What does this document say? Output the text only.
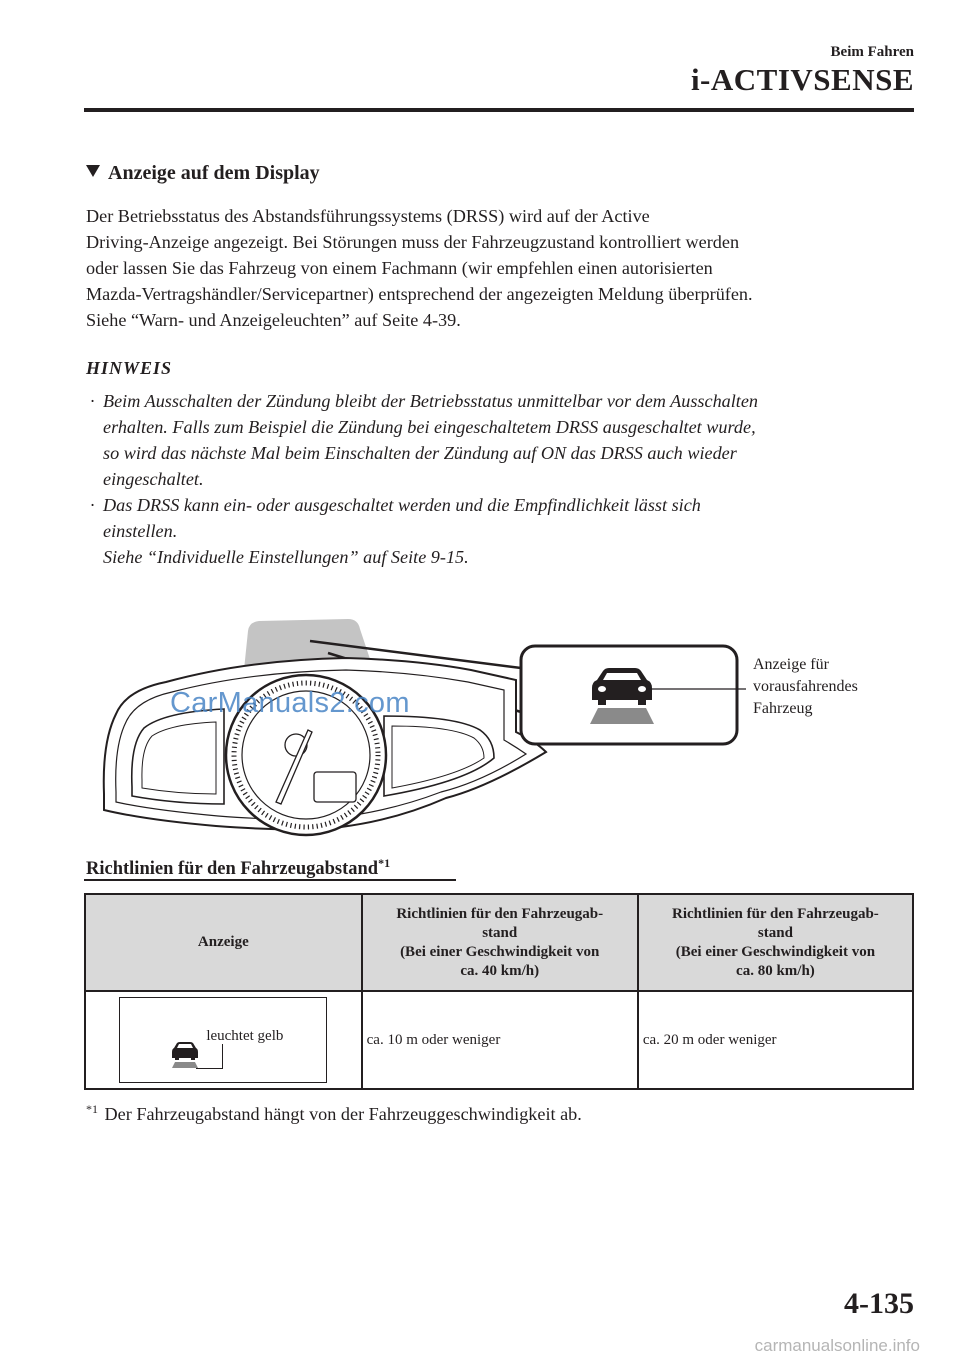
Beim Fahren
i-ACTIVSENSE
Anzeige auf dem Display
Der Betriebsstatus des Abstandsführungssystems (DRSS) wird auf der Active
Driving-Anzeige angezeigt. Bei Störungen muss der Fahrzeugzustand kontrolliert werden
oder lassen Sie das Fahrzeug von einem Fachmann (wir empfehlen einen autorisierten
Mazda-Vertragshändler/Servicepartner) entsprechend der angezeigten Meldung überprüfen.
Siehe “Warn- und Anzeigeleuchten” auf Seite 4-39.
HINWEIS
· Beim Ausschalten der Zündung bleibt der Betriebsstatus unmittelbar vor dem Ausschalten
erhalten. Falls zum Beispiel die Zündung bei eingeschaltetem DRSS ausgeschaltet wurde,
so wird das nächste Mal beim Einschalten der Zündung auf ON das DRSS auch wieder
eingeschaltet.
· Das DRSS kann ein- oder ausgeschaltet werden und die Empfindlichkeit lässt sich
einstellen.
Siehe “Individuelle Einstellungen” auf Seite 9-15.
Anzeige für
vorausfahrendes
Fahrzeug
CarManuals2.com
Richtlinien für den Fahrzeugabstand$^{*1}$
Anzeige	Richtlinien für den Fahrzeugab-
stand
(Bei einer Geschwindigkeit von
ca. 40 km/h)	Richtlinien für den Fahrzeugab-
stand
(Bei einer Geschwindigkeit von
ca. 80 km/h)

leuchtet gelb	ca. 10 m oder weniger	ca. 20 m oder weniger
$^{*1}$ Der Fahrzeugabstand hängt von der Fahrzeuggeschwindigkeit ab.
4-135
carmanualsonline.info
